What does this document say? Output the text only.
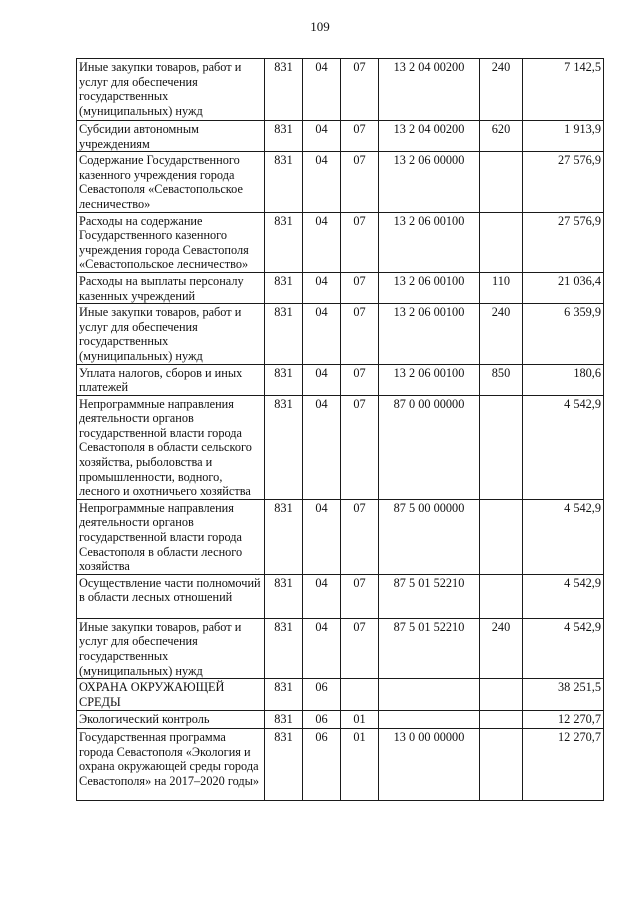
109
Иные закупки товаров, работ и услуг для обеспечения государственных (муниципальных) нужд	831	04	07	13 2 04 00200	240	7 142,5
Субсидии автономным учреждениям	831	04	07	13 2 04 00200	620	1 913,9
Содержание Государственного казенного учреждения города Севастополя «Севастопольское лесничество»	831	04	07	13 2 06 00000		27 576,9
Расходы на содержание Государственного казенного учреждения города Севастополя «Севастопольское лесничество»	831	04	07	13 2 06 00100		27 576,9
Расходы на выплаты персоналу казенных учреждений	831	04	07	13 2 06 00100	110	21 036,4
Иные закупки товаров, работ и услуг для обеспечения государственных (муниципальных) нужд	831	04	07	13 2 06 00100	240	6 359,9
Уплата налогов, сборов и иных платежей	831	04	07	13 2 06 00100	850	180,6
Непрограммные направления деятельности органов государственной власти города Севастополя в области сельского хозяйства, рыболовства и промышленности, водного, лесного и охотничьего хозяйства	831	04	07	87 0 00 00000		4 542,9
Непрограммные направления деятельности органов государственной власти города Севастополя в области лесного хозяйства	831	04	07	87 5 00 00000		4 542,9
Осуществление части полномочий в области лесных отношений	831	04	07	87 5 01 52210		4 542,9
Иные закупки товаров, работ и услуг для обеспечения государственных (муниципальных) нужд	831	04	07	87 5 01 52210	240	4 542,9
ОХРАНА ОКРУЖАЮЩЕЙ СРЕДЫ	831	06				38 251,5
Экологический контроль	831	06	01			12 270,7
Государственная программа города Севастополя «Экология и охрана окружающей среды города Севастополя» на 2017–2020 годы»	831	06	01	13 0 00 00000		12 270,7
